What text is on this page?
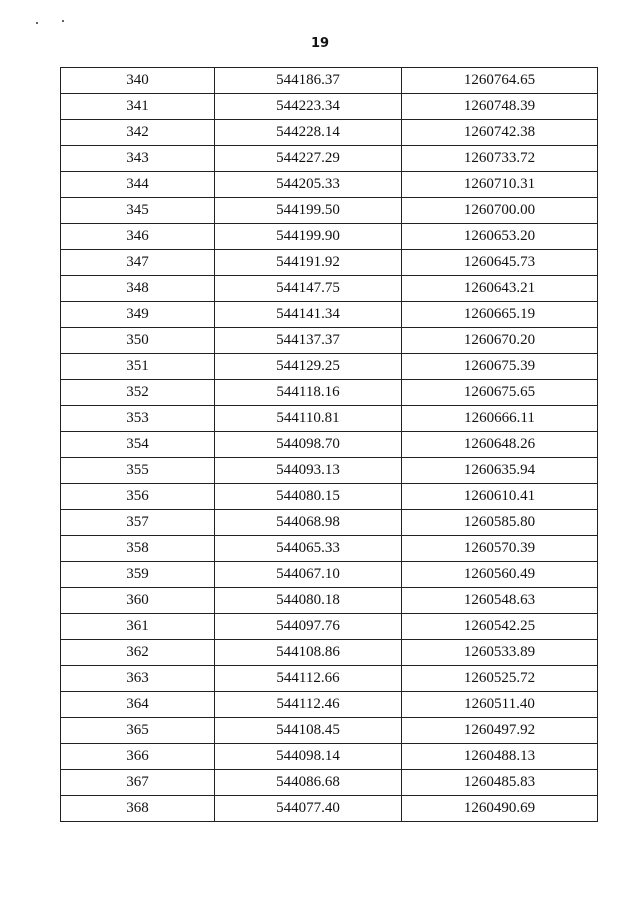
19
340	544186.37	1260764.65
341	544223.34	1260748.39
342	544228.14	1260742.38
343	544227.29	1260733.72
344	544205.33	1260710.31
345	544199.50	1260700.00
346	544199.90	1260653.20
347	544191.92	1260645.73
348	544147.75	1260643.21
349	544141.34	1260665.19
350	544137.37	1260670.20
351	544129.25	1260675.39
352	544118.16	1260675.65
353	544110.81	1260666.11
354	544098.70	1260648.26
355	544093.13	1260635.94
356	544080.15	1260610.41
357	544068.98	1260585.80
358	544065.33	1260570.39
359	544067.10	1260560.49
360	544080.18	1260548.63
361	544097.76	1260542.25
362	544108.86	1260533.89
363	544112.66	1260525.72
364	544112.46	1260511.40
365	544108.45	1260497.92
366	544098.14	1260488.13
367	544086.68	1260485.83
368	544077.40	1260490.69
